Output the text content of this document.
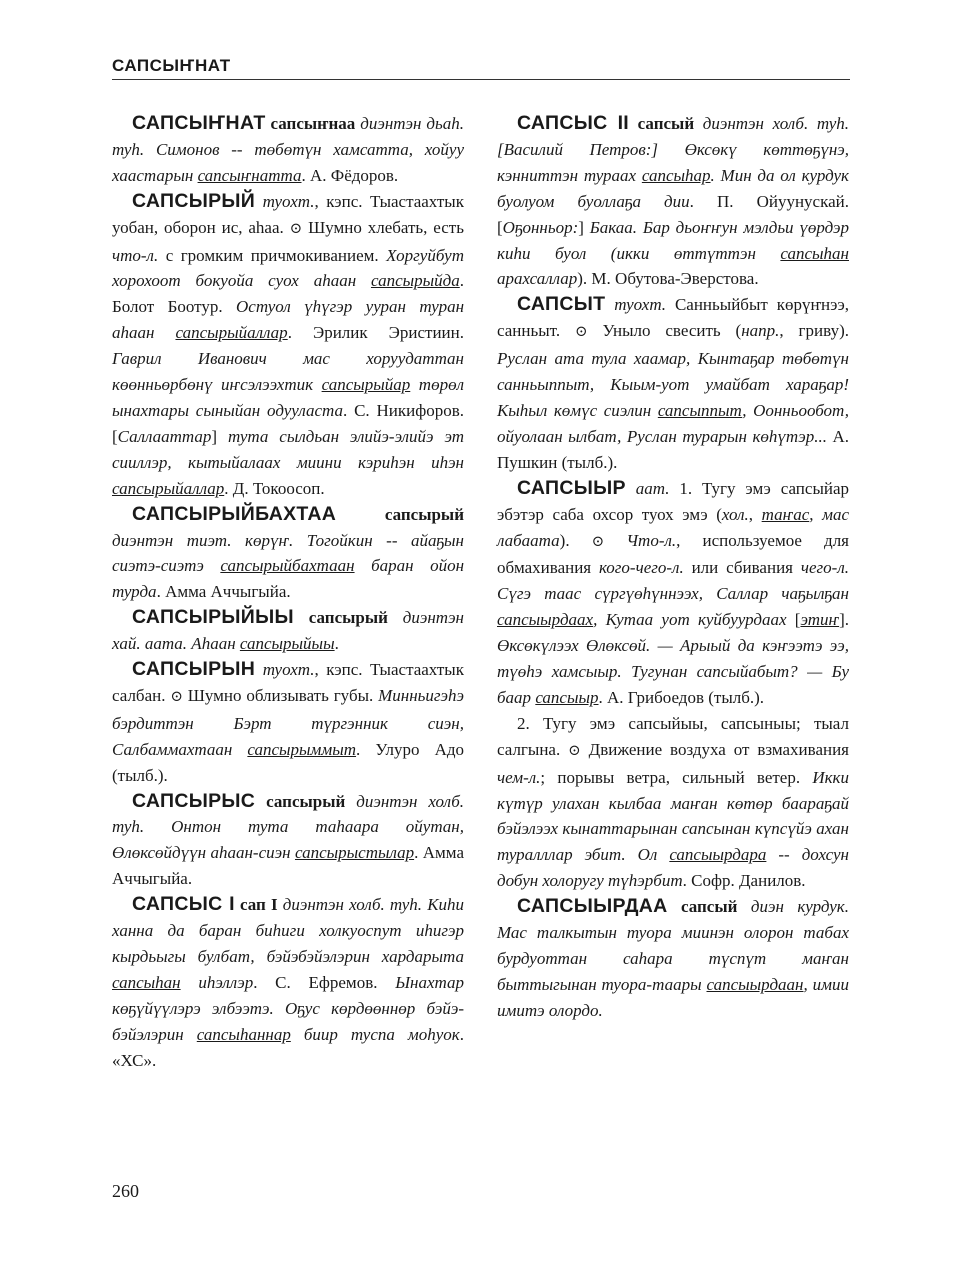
САПСЫҤНАТ

САПСЫҤНАТ сапсыҥнаа диэнтэн дьаһ. туһ. Симонов -- төбөтүн хамсатта, хойуу хаастарын сапсыҥнатта. А. Фёдоров.

САПСЫРЫЙ туохт., кэпс. Тыастаахтык уобан, оборон ис, аһаа. ⊙ Шумно хлебать, есть что-л. с громким причмокиванием. Хоргуйбут хорохоот бокуойа суох аһаан сапсырыйда. Болот Боотур. Остуол үһүгэр ууран туран аһаан сапсырыйаллар. Эрилик Эристиин. Гаврил Иванович мас хоруудаттан көөнньөрбөнү иҥсэлээхтик сапсырыйар төрөл ынахтары сыныйан одууласта. С. Никифоров. [Саллааттар] тута сылдьан элийэ-элийэ эт сииллэр, кытыйалаах миини кэриһэн иһэн сапсырыйаллар. Д. Токоосоп.

САПСЫРЫЙБАХТАА	сапсырый диэнтэн тиэт. көрүҥ. Тогойкин -- айаҕын сиэтэ-сиэтэ сапсырыйбахтаан баран ойон турда. Амма Аччыгыйа.

САПСЫРЫЙЫЫ сапсырый диэнтэн хай. аата. Аһаан сапсырыйыы.

САПСЫРЫН туохт., кэпс. Тыастаахтык салбан. ⊙ Шумно облизывать губы. Минньигэһэ бэрдиттэн Бэрт түргэнник сиэн, Салбаммахтаан сапсырыммыт. Улуро Адо (тылб.).

САПСЫРЫС сапсырый диэнтэн холб. туһ. Онтон тута таһаара ойутан, Өлөксөйдүүн аһаан-сиэн сапсырыстылар. Амма Аччыгыйа.

САПСЫС I сап I диэнтэн холб. туһ. Киһи ханна да баран биһиги холкуоспут иһигэр кырдьыгы булбат, бэйэбэйэлэрин хардарыта сапсыһан иһэллэр. С. Ефремов. Ынахтар көҕүйүүлэрэ элбээтэ. Оҕус көрдөөннөр бэйэ-бэйэлэрин сапсыһаннар биир туспа моһуок. «ХС».

САПСЫС II сапсый диэнтэн холб. туһ. [Василий Петров:] Өксөкү көттөҕүнэ, кэнниттэн тураах сапсыһар. Мин да ол курдук буолуом буоллаҕа дии. П. Ойуунускай. [Оҕонньор:] Бакаа. Бар дьоҥҥун мэлдьи үөрдэр киһи буол (икки өттүттэн сапсыһан арахсаллар). М. Обутова-Эверстова.

САПСЫТ туохт. Санньыйбыт көрүҥнээ, санньыт. ⊙ Уныло свесить (напр., гриву). Руслан ата тула хаамар, Кынтаҕар төбөтүн санньыппыт, Кыым-уот умайбат хараҕар! Кыһыл көмүс сиэлин сапсыппыт, Оонньообот, ойуолаан ылбат, Руслан турарын көһүтэр... А. Пушкин (тылб.).

САПСЫЫР аат. 1. Тугу эмэ сапсыйар эбэтэр саба охсор туох эмэ (хол., таҥас, мас лабаата). ⊙ Что-л., используемое для обмахивания кого-чего-л. или сбивания чего-л. Сүгэ таас сүргүөһүннээх, Саллар чаҕылҕан сапсыырдаах, Кутаа уот куйбуурдаах [этиҥ]. Өксөкүлээх Өлөксөй. — Арыый да кэҥээтэ ээ, түөһэ хамсыыр. Тугунан сапсыйабыт? — Бу баар сапсыыр. А. Грибоедов (тылб.).

2. Тугу эмэ сапсыйыы, сапсыныы; тыал салгына. ⊙ Движение воздуха от взмахивания чем-л.; порывы ветра, сильный ветер. Икки күтүр улахан кылбаа маҥан көтөр баараҕай бэйэлээх кынаттарынан сапсынан күпсүйэ ахан туралллар эбит. Ол сапсыырдара -- дохсун добун холоругу түһэрбит. Софр. Данилов.

САПСЫЫРДАА сапсый диэн курдук. Мас талкытын туора миинэн олорон табах бурдуоттан саһара түспүт маҥан быттыгынан туора-таары сапсыырдаан, имии имитэ олордо.

260
